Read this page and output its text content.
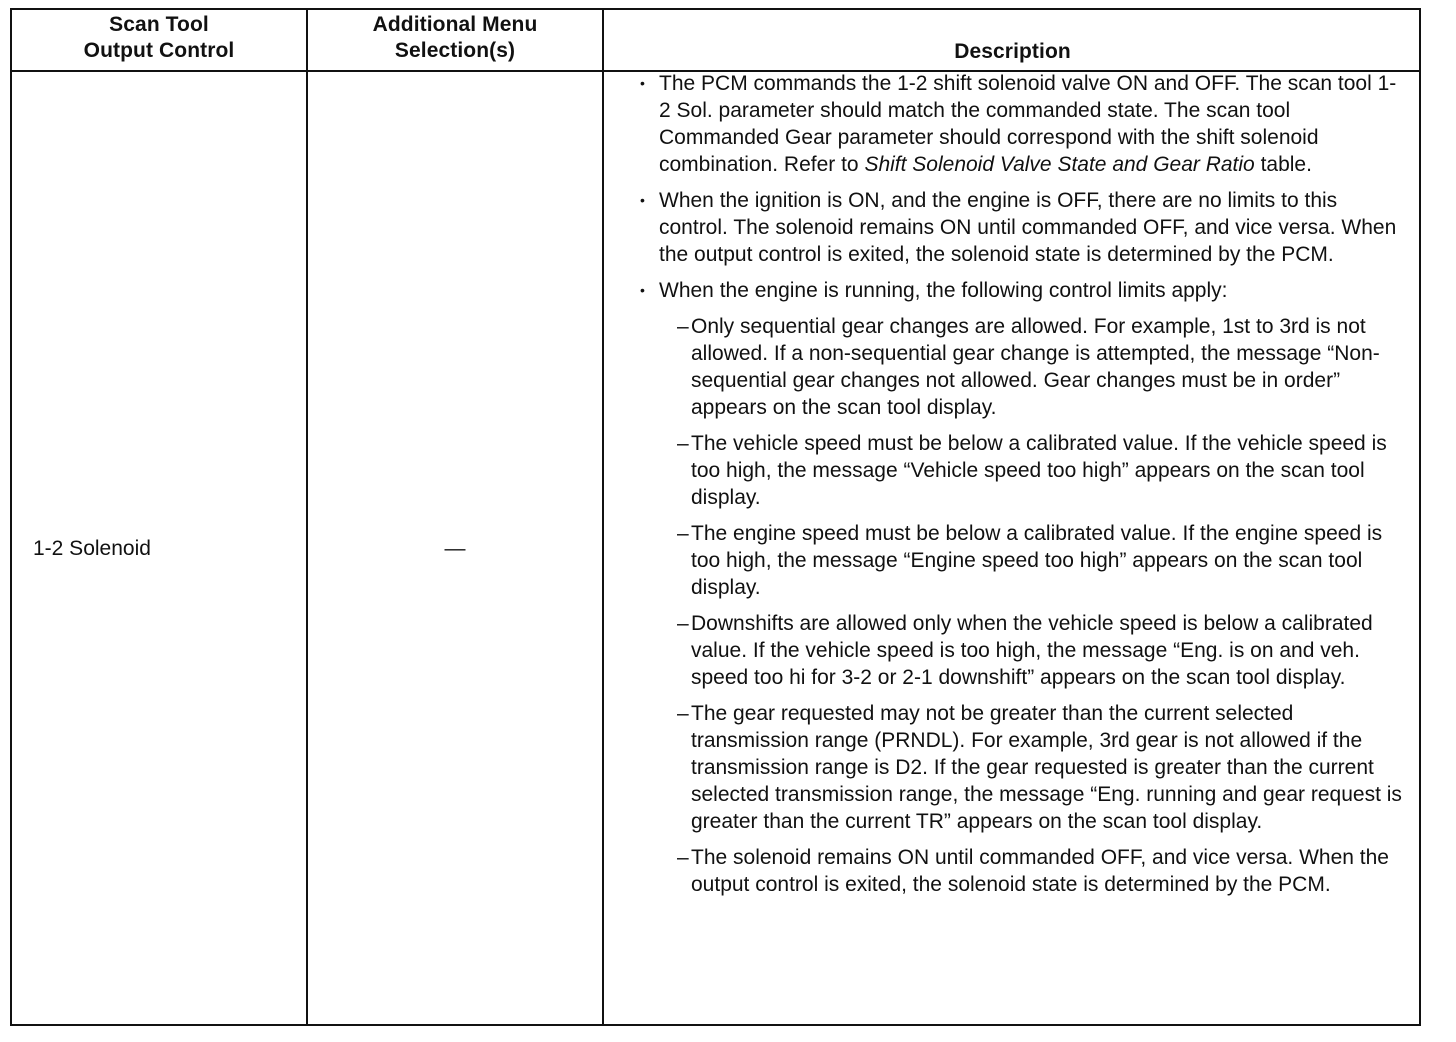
Scan Tool
Output Control
Additional Menu
Selection(s)	Description
1-2 Solenoid	—
• The PCM commands the 1-2 shift solenoid valve ON and OFF. The scan tool 1-2 Sol. parameter should match the commanded state. The scan tool Commanded Gear parameter should correspond with the shift solenoid combination. Refer to Shift Solenoid Valve State and Gear Ratio table.
• When the ignition is ON, and the engine is OFF, there are no limits to this control. The solenoid remains ON until commanded OFF, and vice versa. When the output control is exited, the solenoid state is determined by the PCM.
• When the engine is running, the following control limits apply:
– Only sequential gear changes are allowed. For example, 1st to 3rd is not allowed. If a non-sequential gear change is attempted, the message “Non-sequential gear changes not allowed. Gear changes must be in order” appears on the scan tool display.
– The vehicle speed must be below a calibrated value. If the vehicle speed is too high, the message “Vehicle speed too high” appears on the scan tool display.
– The engine speed must be below a calibrated value. If the engine speed is too high, the message “Engine speed too high” appears on the scan tool display.
– Downshifts are allowed only when the vehicle speed is below a calibrated value. If the vehicle speed is too high, the message “Eng. is on and veh. speed too hi for 3-2 or 2-1 downshift” appears on the scan tool display.
– The gear requested may not be greater than the current selected transmission range (PRNDL). For example, 3rd gear is not allowed if the transmission range is D2. If the gear requested is greater than the current selected transmission range, the message “Eng. running and gear request is greater than the current TR” appears on the scan tool display.
– The solenoid remains ON until commanded OFF, and vice versa. When the output control is exited, the solenoid state is determined by the PCM.
